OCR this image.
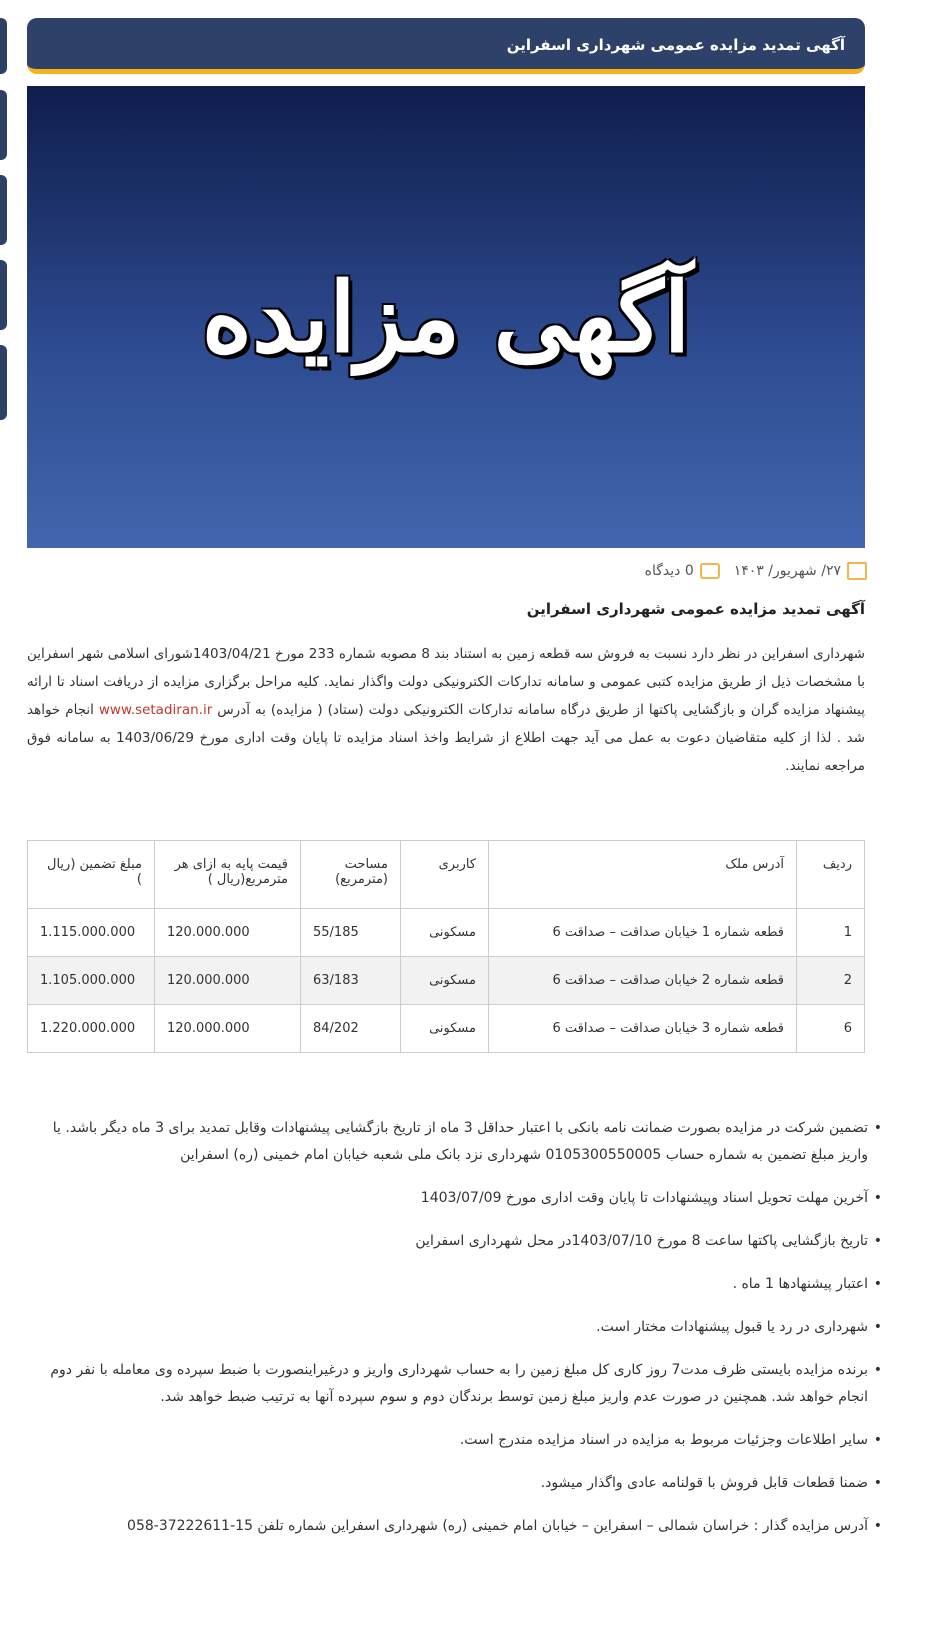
آگهی تمدید مزایده عمومی شهرداری اسفراین
آگهی مزایده
۲۷/ شهریور/ ۱۴۰۳
0 دیدگاه
آگهی تمدید مزایده عمومی شهرداری اسفراین
شهرداری اسفراین در نظر دارد نسبت به فروش سه قطعه زمین به استناد بند 8 مصوبه شماره 233 مورخ 1403/04/21شورای اسلامی شهر اسفراین با مشخصات ذیل از طریق مزایده کتبی عمومی و سامانه تدارکات الکترونیکی دولت واگذار نماید. کلیه مراحل برگزاری مزایده از دریافت اسناد تا ارائه پیشنهاد مزایده گران و بازگشایی پاکتها از طریق درگاه سامانه تدارکات الکترونیکی دولت (ستاد) ( مزایده) به آدرس www.setadiran.ir انجام خواهد شد . لذا از کلیه متقاضیان دعوت به عمل می آید جهت اطلاع از شرایط واخذ اسناد مزایده تا پایان وقت اداری مورخ 1403/06/29 به سامانه فوق مراجعه نمایند.
ردیف	آدرس ملک	کاربری	مساحت (مترمربع)	قیمت پایه به ازای هر مترمربع(ریال )	مبلغ تضمین (ریال )
1	قطعه شماره 1 خیابان صداقت – صداقت 6	مسکونی	55/185	120.000.000	1.115.000.000
2	قطعه شماره 2 خیابان صداقت – صداقت 6	مسکونی	63/183	120.000.000	1.105.000.000
6	قطعه شماره 3 خیابان صداقت – صداقت 6	مسکونی	84/202	120.000.000	1.220.000.000
• تضمین شرکت در مزایده بصورت ضمانت نامه بانکی با اعتبار حداقل 3 ماه از تاریخ بازگشایی پیشنهادات وقابل تمدید برای 3 ماه دیگر باشد. یا واریز مبلغ تضمین به شماره حساب 0105300550005 شهرداری نزد بانک ملی شعبه خیابان امام خمینی (ره) اسفراین
• آخرین مهلت تحویل اسناد وپیشنهادات تا پایان وقت اداری مورخ 1403/07/09
• تاریخ بازگشایی پاکتها ساعت 8 مورخ 1403/07/10در محل شهرداری اسفراین
• اعتبار پیشنهادها 1 ماه .
• شهرداری در رد یا قبول پیشنهادات مختار است.
• برنده مزایده بایستی ظرف مدت7 روز کاری کل مبلغ زمین را به حساب شهرداری واریز و درغیراینصورت با ضبط سپرده وی معامله با نفر دوم انجام خواهد شد. همچنین در صورت عدم واریز مبلغ زمین توسط برندگان دوم و سوم سپرده آنها به ترتیب ضبط خواهد شد.
• سایر اطلاعات وجزئیات مربوط به مزایده در اسناد مزایده مندرج است.
• ضمنا قطعات قابل فروش با قولنامه عادی واگذار میشود.
• آدرس مزایده گذار : خراسان شمالی – اسفراین – خیابان امام خمینی (ره) شهرداری اسفراین شماره تلفن 15-37222611-058
